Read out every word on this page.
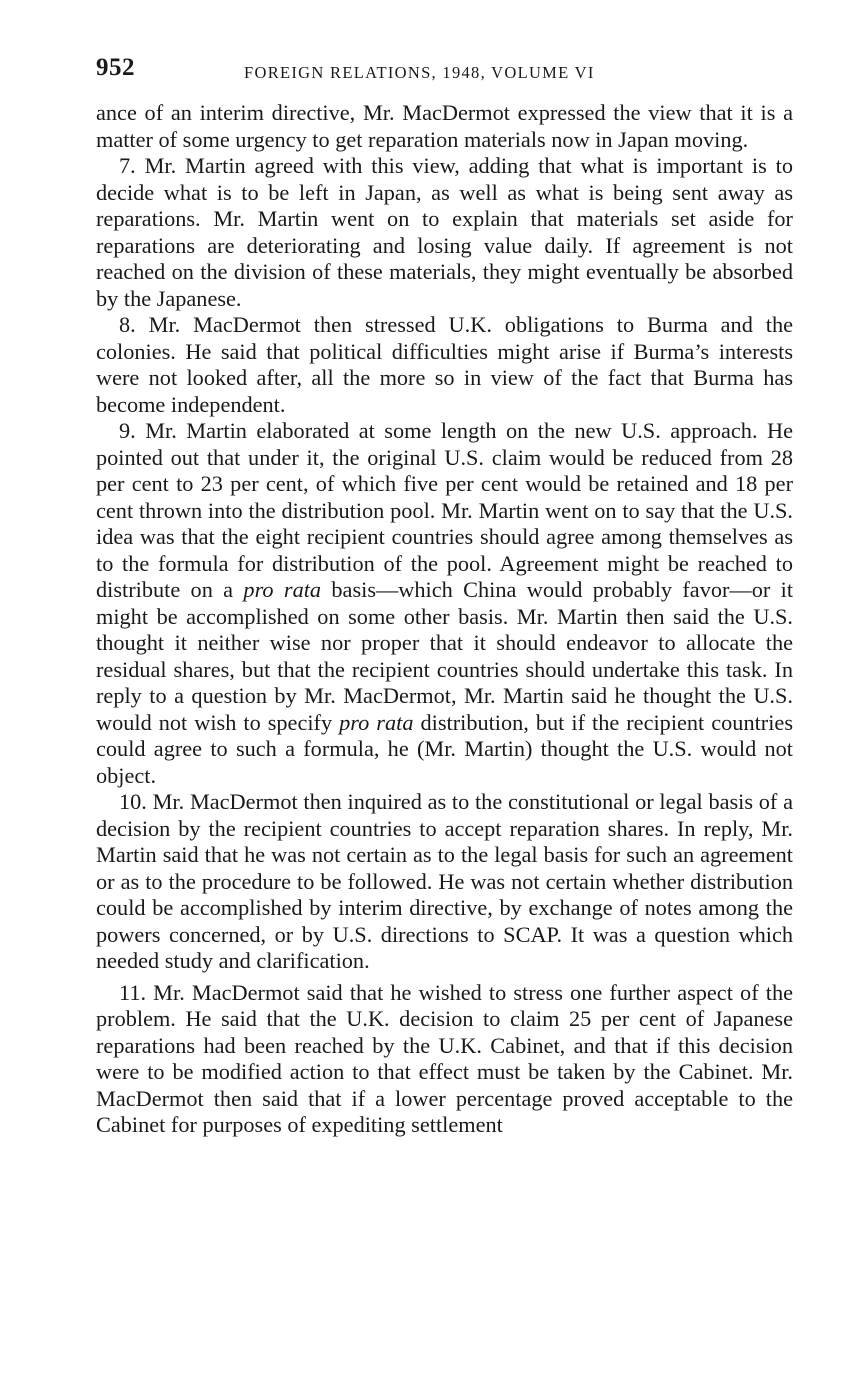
952	FOREIGN RELATIONS, 1948, VOLUME VI

ance of an interim directive, Mr. MacDermot expressed the view that it is a matter of some urgency to get reparation materials now in Japan moving.

7. Mr. Martin agreed with this view, adding that what is important is to decide what is to be left in Japan, as well as what is being sent away as reparations. Mr. Martin went on to explain that materials set aside for reparations are deteriorating and losing value daily. If agreement is not reached on the division of these materials, they might eventually be absorbed by the Japanese.

8. Mr. MacDermot then stressed U.K. obligations to Burma and the colonies. He said that political difficulties might arise if Burma’s interests were not looked after, all the more so in view of the fact that Burma has become independent.

9. Mr. Martin elaborated at some length on the new U.S. approach. He pointed out that under it, the original U.S. claim would be reduced from 28 per cent to 23 per cent, of which five per cent would be retained and 18 per cent thrown into the distribution pool. Mr. Martin went on to say that the U.S. idea was that the eight recipient countries should agree among themselves as to the formula for distribution of the pool. Agreement might be reached to distribute on a pro rata basis—which China would probably favor—or it might be accomplished on some other basis. Mr. Martin then said the U.S. thought it neither wise nor proper that it should endeavor to allocate the residual shares, but that the recipient countries should undertake this task. In reply to a question by Mr. MacDermot, Mr. Martin said he thought the U.S. would not wish to specify pro rata distribution, but if the recipient countries could agree to such a formula, he (Mr. Martin) thought the U.S. would not object.

10. Mr. MacDermot then inquired as to the constitutional or legal basis of a decision by the recipient countries to accept reparation shares. In reply, Mr. Martin said that he was not certain as to the legal basis for such an agreement or as to the procedure to be followed. He was not certain whether distribution could be accomplished by interim directive, by exchange of notes among the powers concerned, or by U.S. directions to SCAP. It was a question which needed study and clarification.

11. Mr. MacDermot said that he wished to stress one further aspect of the problem. He said that the U.K. decision to claim 25 per cent of Japanese reparations had been reached by the U.K. Cabinet, and that if this decision were to be modified action to that effect must be taken by the Cabinet. Mr. MacDermot then said that if a lower percentage proved acceptable to the Cabinet for purposes of expediting settlement
